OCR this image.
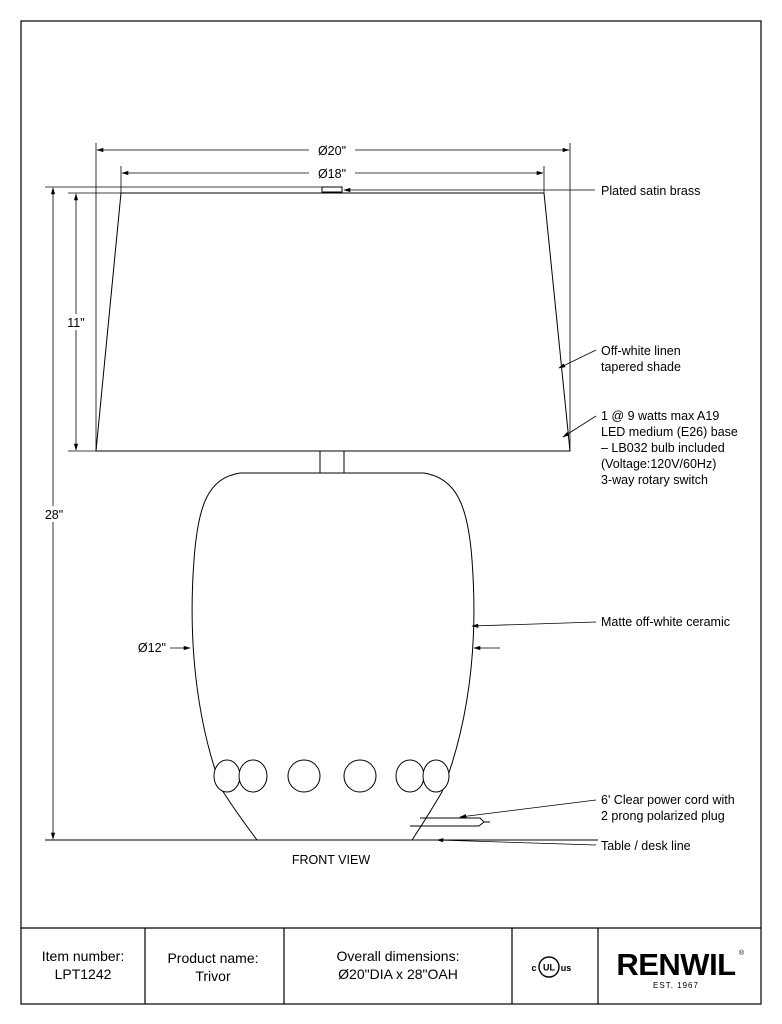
Ø20"
Ø18"
11"
28"
Ø12"
Plated satin brass
Off-white linen tapered shade
1 @ 9 watts max A19 LED medium (E26) base – LB032 bulb included (Voltage:120V/60Hz) 3-way rotary switch
Matte off-white ceramic
6' Clear power cord with 2 prong polarized plug
Table / desk line
FRONT VIEW
Item number:
LPT1242
Product name:
Trivor
Overall dimensions:
Ø20"DIA x 28"OAH	UL
c	us RENWIL ®
EST. 1967
